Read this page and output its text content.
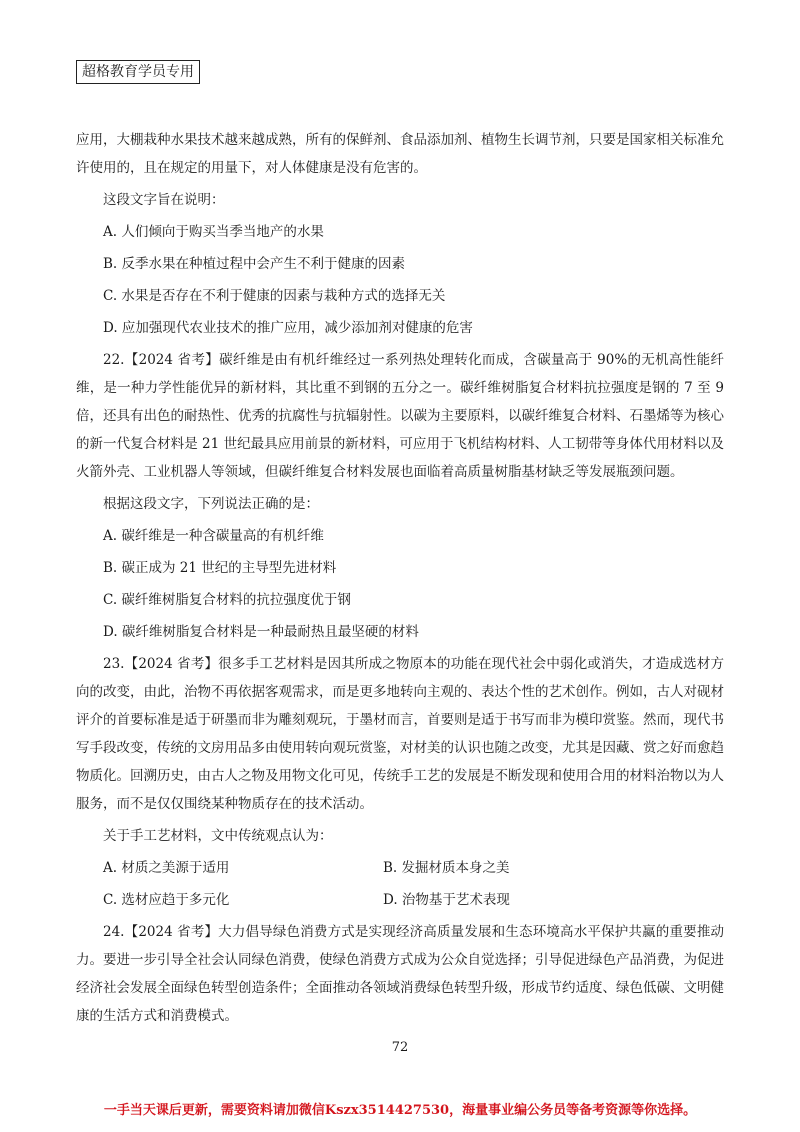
超格教育学员专用

应用，大棚栽种水果技术越来越成熟，所有的保鲜剂、食品添加剂、植物生长调节剂，只要是国家相关标准允许使用的，且在规定的用量下，对人体健康是没有危害的。

这段文字旨在说明：

A. 人们倾向于购买当季当地产的水果
B. 反季水果在种植过程中会产生不利于健康的因素
C. 水果是否存在不利于健康的因素与栽种方式的选择无关
D. 应加强现代农业技术的推广应用，减少添加剂对健康的危害

22.【2024 省考】碳纤维是由有机纤维经过一系列热处理转化而成，含碳量高于 90%的无机高性能纤维，是一种力学性能优异的新材料，其比重不到钢的五分之一。碳纤维树脂复合材料抗拉强度是钢的 7 至 9 倍，还具有出色的耐热性、优秀的抗腐性与抗辐射性。以碳为主要原料，以碳纤维复合材料、石墨烯等为核心的新一代复合材料是 21 世纪最具应用前景的新材料，可应用于飞机结构材料、人工韧带等身体代用材料以及火箭外壳、工业机器人等领域，但碳纤维复合材料发展也面临着高质量树脂基材缺乏等发展瓶颈问题。

根据这段文字，下列说法正确的是：

A. 碳纤维是一种含碳量高的有机纤维
B. 碳正成为 21 世纪的主导型先进材料
C. 碳纤维树脂复合材料的抗拉强度优于钢
D. 碳纤维树脂复合材料是一种最耐热且最坚硬的材料

23.【2024 省考】很多手工艺材料是因其所成之物原本的功能在现代社会中弱化或消失，才造成选材方向的改变，由此，治物不再依据客观需求，而是更多地转向主观的、表达个性的艺术创作。例如，古人对砚材评介的首要标准是适于研墨而非为雕刻观玩，于墨材而言，首要则是适于书写而非为模印赏鉴。然而，现代书写手段改变，传统的文房用品多由使用转向观玩赏鉴，对材美的认识也随之改变，尤其是因藏、赏之好而愈趋物质化。回溯历史，由古人之物及用物文化可见，传统手工艺的发展是不断发现和使用合用的材料治物以为人服务，而不是仅仅围绕某种物质存在的技术活动。

关于手工艺材料，文中传统观点认为：

A. 材质之美源于适用	B. 发掘材质本身之美
C. 选材应趋于多元化	D. 治物基于艺术表现

24.【2024 省考】大力倡导绿色消费方式是实现经济高质量发展和生态环境高水平保护共赢的重要推动力。要进一步引导全社会认同绿色消费，使绿色消费方式成为公众自觉选择；引导促进绿色产品消费，为促进经济社会发展全面绿色转型创造条件；全面推动各领域消费绿色转型升级，形成节约适度、绿色低碳、文明健康的生活方式和消费模式。

72
一手当天课后更新，需要资料请加微信Kszx3514427530，海量事业编公务员等备考资源等你选择。
